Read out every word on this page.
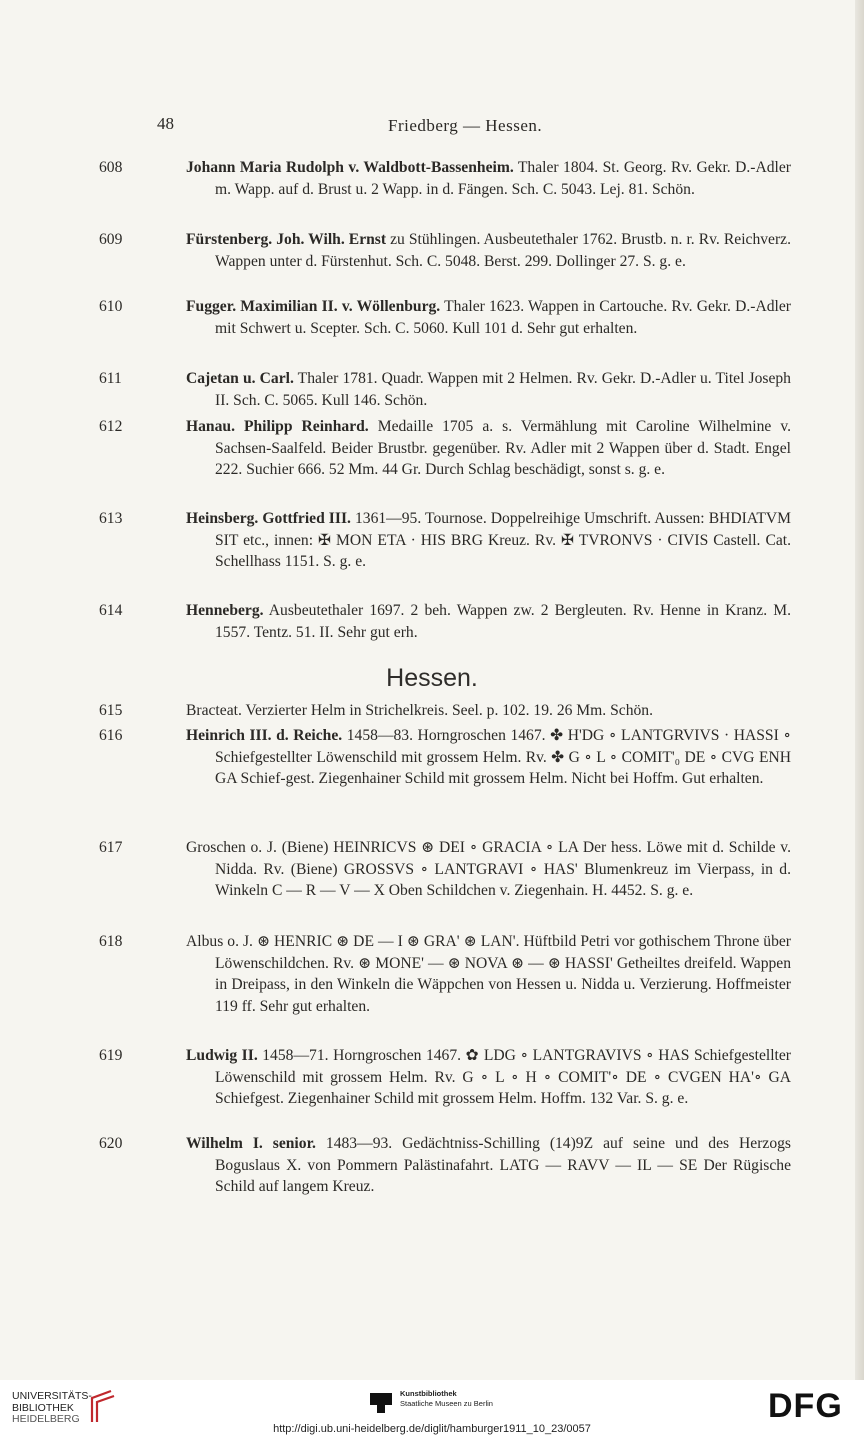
48	Friedberg — Hessen.

608	Johann Maria Rudolph v. Waldbott-Bassenheim. Thaler 1804. St. Georg. Rv. Gekr. D.-Adler m. Wapp. auf d. Brust u. 2 Wapp. in d. Fängen. Sch. C. 5043. Lej. 81. Schön.

609	Fürstenberg. Joh. Wilh. Ernst zu Stühlingen. Ausbeutethaler 1762. Brustb. n. r. Rv. Reichverz. Wappen unter d. Fürstenhut. Sch. C. 5048. Berst. 299. Dollinger 27. S. g. e.

610	Fugger. Maximilian II. v. Wöllenburg. Thaler 1623. Wappen in Cartouche. Rv. Gekr. D.-Adler mit Schwert u. Scepter. Sch. C. 5060. Kull 101 d. Sehr gut erhalten.

611	Cajetan u. Carl. Thaler 1781. Quadr. Wappen mit 2 Helmen. Rv. Gekr. D.-Adler u. Titel Joseph II. Sch. C. 5065. Kull 146. Schön.

612	Hanau. Philipp Reinhard. Medaille 1705 a. s. Vermählung mit Caroline Wilhelmine v. Sachsen-Saalfeld. Beider Brustbr. gegenüber. Rv. Adler mit 2 Wappen über d. Stadt. Engel 222. Suchier 666. 52 Mm. 44 Gr. Durch Schlag beschädigt, sonst s. g. e.

613	Heinsberg. Gottfried III. 1361—95. Tournose. Doppelreihige Umschrift. Aussen: BHDIATVM SIT etc., innen: ✠ MON ETA · HIS BRG Kreuz. Rv. ✠ TVRONVS · CIVIS Castell. Cat. Schellhass 1151. S. g. e.

614	Henneberg. Ausbeutethaler 1697. 2 beh. Wappen zw. 2 Bergleuten. Rv. Henne in Kranz. M. 1557. Tentz. 51. II. Sehr gut erh.

Hessen.

615	Bracteat. Verzierter Helm in Strichelkreis. Seel. p. 102. 19. 26 Mm. Schön.

616	Heinrich III. d. Reiche. 1458—83. Horngroschen 1467. ✤ H'DG ∘ LANTGRVIVS · HASSI ∘ Schiefgestellter Löwenschild mit grossem Helm. Rv. ✤ G ∘ L ∘ COMIT'₀ DE ∘ CVG ENH GA Schief-gest. Ziegenhainer Schild mit grossem Helm. Nicht bei Hoffm. Gut erhalten.

617	Groschen o. J. (Biene) HEINRICVS ⊛ DEI ∘ GRACIA ∘ LA Der hess. Löwe mit d. Schilde v. Nidda. Rv. (Biene) GROSSVS ∘ LANTGRAVI ∘ HAS' Blumenkreuz im Vierpass, in d. Winkeln C — R — V — X Oben Schildchen v. Ziegenhain. H. 4452. S. g. e.

618	Albus o. J. ⊛ HENRIC ⊛ DE — I ⊛ GRA' ⊛ LAN'. Hüftbild Petri vor gothischem Throne über Löwenschildchen. Rv. ⊛ MONE' — ⊛ NOVA ⊛ — ⊛ HASSI' Getheiltes dreifeld. Wappen in Dreipass, in den Winkeln die Wäppchen von Hessen u. Nidda u. Verzierung. Hoffmeister 119 ff. Sehr gut erhalten.

619	Ludwig II. 1458—71. Horngroschen 1467. ✿ LDG ∘ LANTGRAVIVS ∘ HAS Schiefgestellter Löwenschild mit grossem Helm. Rv. G ∘ L ∘ H ∘ COMIT'∘ DE ∘ CVGEN HA'∘ GA Schiefgest. Ziegenhainer Schild mit grossem Helm. Hoffm. 132 Var. S. g. e.

620	Wilhelm I. senior. 1483—93. Gedächtniss-Schilling (14)9Z auf seine und des Herzogs Boguslaus X. von Pommern Palästinafahrt. LATG — RAVV — IL — SE Der Rügische Schild auf langem Kreuz.

UNIVERSITÄTS-
BIBLIOTHEK
HEIDELBERG
Kunstbibliothek
Staatliche Museen zu Berlin	DFG
http://digi.ub.uni-heidelberg.de/diglit/hamburger1911_10_23/0057
